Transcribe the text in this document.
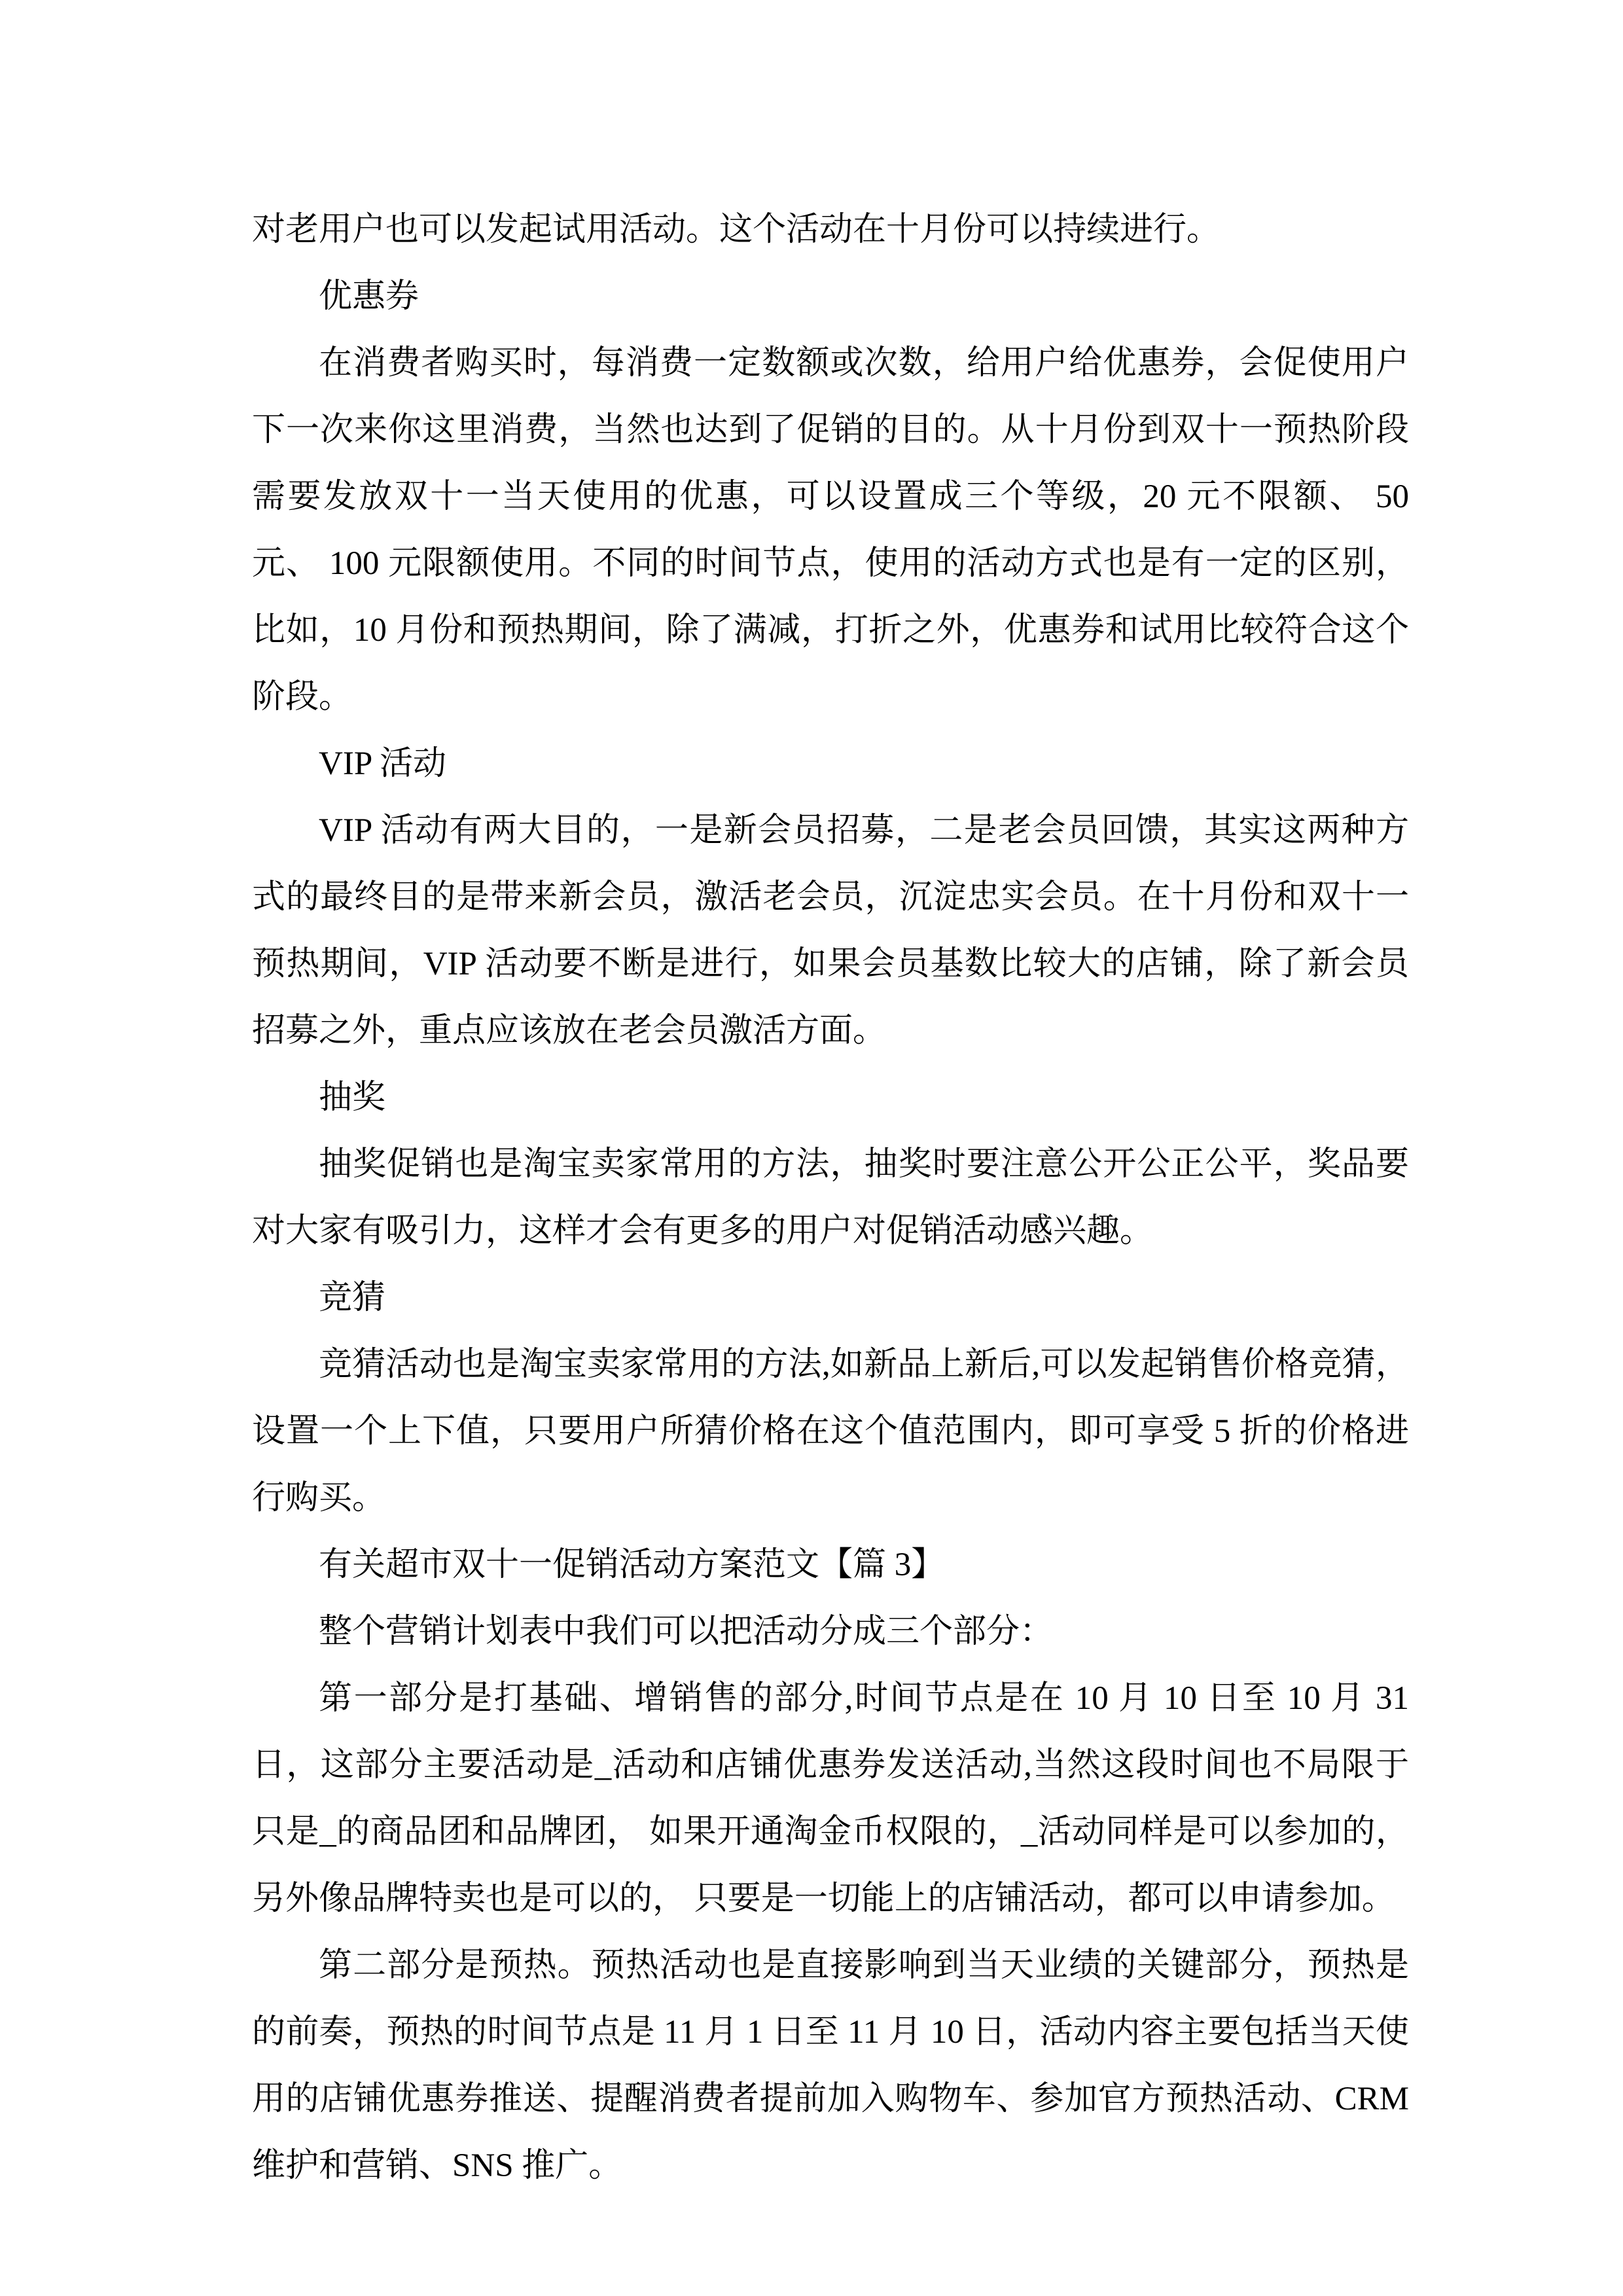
对老用户也可以发起试用活动。这个活动在十月份可以持续进行。

优惠券

在消费者购买时，每消费一定数额或次数，给用户给优惠券，会促使用户下一次来你这里消费，当然也达到了促销的目的。从十月份到双十一预热阶段需要发放双十一当天使用的优惠，可以设置成三个等级，20 元不限额、 50 元、 100 元限额使用。不同的时间节点，使用的活动方式也是有一定的区别，比如，10 月份和预热期间，除了满减，打折之外，优惠券和试用比较符合这个阶段。

VIP 活动

VIP 活动有两大目的，一是新会员招募，二是老会员回馈，其实这两种方式的最终目的是带来新会员，激活老会员，沉淀忠实会员。在十月份和双十一预热期间，VIP 活动要不断是进行，如果会员基数比较大的店铺，除了新会员招募之外，重点应该放在老会员激活方面。

抽奖

抽奖促销也是淘宝卖家常用的方法，抽奖时要注意公开公正公平，奖品要对大家有吸引力，这样才会有更多的用户对促销活动感兴趣。

竞猜

竞猜活动也是淘宝卖家常用的方法,如新品上新后,可以发起销售价格竞猜，设置一个上下值，只要用户所猜价格在这个值范围内，即可享受 5 折的价格进行购买。

有关超市双十一促销活动方案范文【篇 3】

整个营销计划表中我们可以把活动分成三个部分：

第一部分是打基础、增销售的部分,时间节点是在 10 月 10 日至 10 月 31 日，这部分主要活动是_活动和店铺优惠券发送活动,当然这段时间也不局限于只是_的商品团和品牌团， 如果开通淘金币权限的，_活动同样是可以参加的，另外像品牌特卖也是可以的， 只要是一切能上的店铺活动，都可以申请参加。

第二部分是预热。预热活动也是直接影响到当天业绩的关键部分，预热是的前奏，预热的时间节点是 11 月 1 日至 11 月 10 日，活动内容主要包括当天使用的店铺优惠券推送、提醒消费者提前加入购物车、参加官方预热活动、CRM 维护和营销、SNS 推广。
